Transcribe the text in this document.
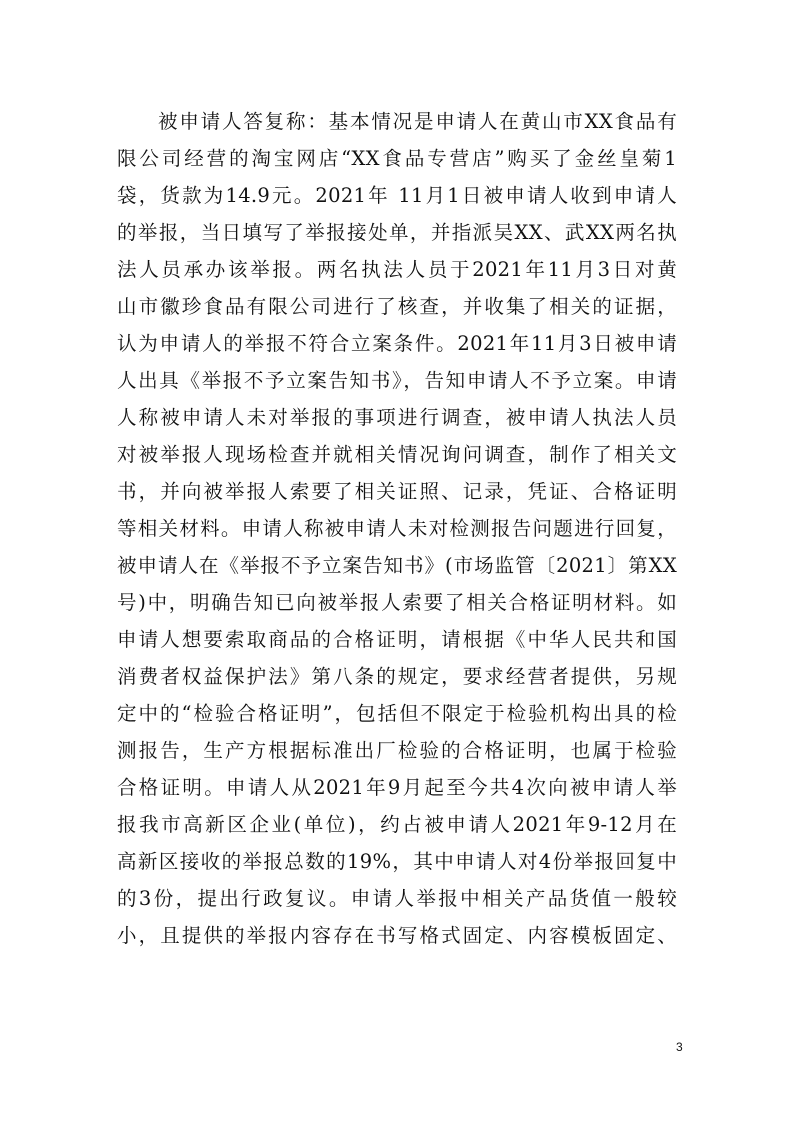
被申请人答复称：基本情况是申请人在黄山市XX食品有
限公司经营的淘宝网店“XX食品专营店”购买了金丝皇菊1
袋，货款为14.9元。2021年 11月1日被申请人收到申请人
的举报，当日填写了举报接处单，并指派吴XX、武XX两名执
法人员承办该举报。两名执法人员于2021年11月3日对黄
山市徽珍食品有限公司进行了核查，并收集了相关的证据，
认为申请人的举报不符合立案条件。2021年11月3日被申请
人出具《举报不予立案告知书》，告知申请人不予立案。申请
人称被申请人未对举报的事项进行调查，被申请人执法人员
对被举报人现场检查并就相关情况询问调查，制作了相关文
书，并向被举报人索要了相关证照、记录，凭证、合格证明
等相关材料。申请人称被申请人未对检测报告问题进行回复，
被申请人在《举报不予立案告知书》(市场监管〔2021〕第XX
号)中，明确告知已向被举报人索要了相关合格证明材料。如
申请人想要索取商品的合格证明，请根据《中华人民共和国
消费者权益保护法》第八条的规定，要求经营者提供，另规
定中的“检验合格证明”，包括但不限定于检验机构出具的检
测报告，生产方根据标准出厂检验的合格证明，也属于检验
合格证明。申请人从2021年9月起至今共4次向被申请人举
报我市高新区企业(单位)，约占被申请人2021年9-12月在
高新区接收的举报总数的19%，其中申请人对4份举报回复中
的3份，提出行政复议。申请人举报中相关产品货值一般较
小，且提供的举报内容存在书写格式固定、内容模板固定、
3
